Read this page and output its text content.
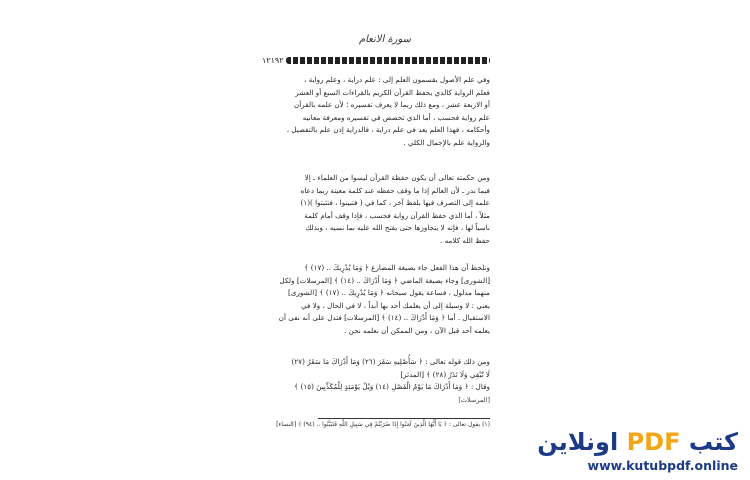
سورة الانعام
١٢١٩٢
وفي علم الأصول يقسمون العلم إلى : علم دراية ، وعلم رواية ،
فعلم الرواية كالذي يحفظ القرآن الكريم بالقراءات السبع أو العشر
أو الاربعة عشر ، ومع ذلك ربما لا يعرف تفسيره ؛ لأن علمه بالقرآن
علم رواية فحسب ، أما الذي تخصص في تفسيره ومعرفة معانيه
وأحكامه ، فهذا العلم يعد في علم دراية ، فالدراية إذن علم بالتفصيل ،
والرواية علم بالإجمال الكلي .
ومن حكمته تعالى أن يكون حفظة القرآن ليسوا من العلماء ـ إلا
فيما ندر ـ لأن العالم إذا ما وقف حفظه عند كلمة معينة ربما دعاه
علمه إلى التصرف فيها بلفظ آخر ، كما في ( فتبينوا ، فتثبتوا )(١)
مثلاً ، أما الذي حفظ القرآن رواية فحسب ، فإذا وقف أمام كلمة
ناسياً لها ، فإنه لا يتجاوزها حتى يفتح الله عليه بما نسيه ، وبذلك
حفظ الله كلامه .
ونلحظ أن هذا الفعل جاء بصيغة المضارع ﴿ وَمَا يُدْرِيكَ .. (١٧) ﴾
[الشورى] وجاء بصيغة الماضي ﴿ وَمَا أَدْرَاكَ .. (١٤) ﴾ [المرسلات] ولكل
منهما مدلول ، فساعة يقول سبحانه ﴿ وَمَا يُدْرِيكَ .. (١٧) ﴾ [الشورى]
يعني : لا وسيلة إلى أن يعلمك أحد بها أبداً ، لا في الحال ، ولا في
الاستقبال . أما ﴿ وَمَا أَدْرَاكَ .. (١٤) ﴾ [المرسلات] فتدل على أنه نفى أن
يعلمه أحد قبل الآن ، ومن الممكن أن نعلمه نحن .
ومن ذلك قوله تعالى : ﴿ سَأُصْلِيهِ سَقَرَ (٢٦) وَمَا أَدْرَاكَ مَا سَقَرُ (٢٧)
لَا تُبْقِي وَلَا تَذَرُ (٢٨) ﴾ [المدثر]
وقال : ﴿ وَمَا أَدْرَاكَ مَا يَوْمُ الْفَصْلِ (١٤) وَيْلٌ يَوْمَئِذٍ لِلْمُكَذِّبِينَ (١٥) ﴾
[المرسلات]
(١) يقول تعالى : ﴿ يَا أَيُّهَا الَّذِينَ آمَنُوا إِذَا ضَرَبْتُمْ فِي سَبِيلِ اللَّهِ فَتَبَيَّنُوا .. (٩٤) ﴾ [النساء]
كتب PDF اونلاين
www.kutubpdf.online
